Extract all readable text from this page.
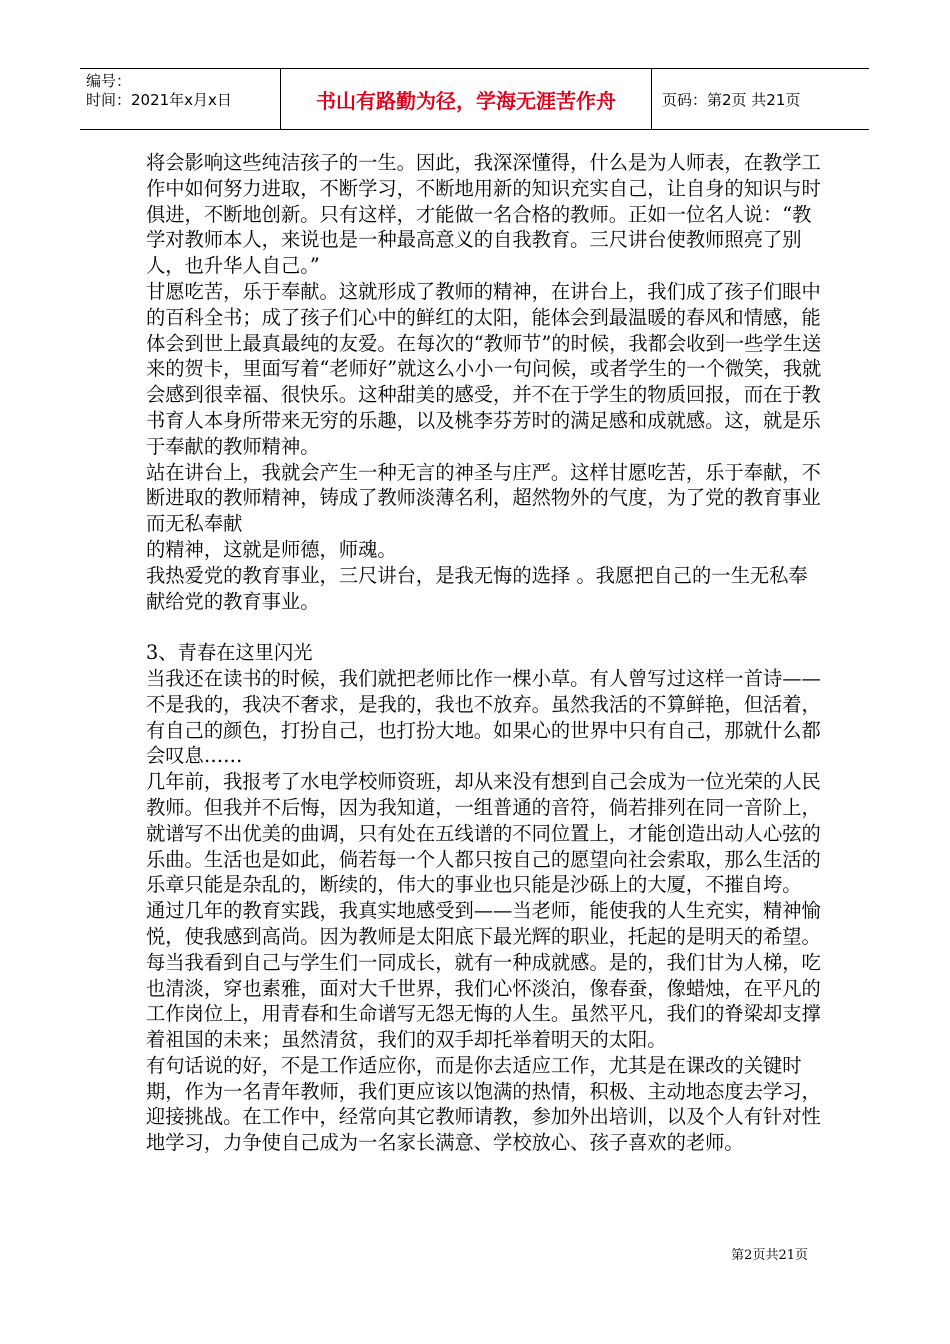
编号：
时间：2021年x月x日	书山有路勤为径，学海无涯苦作舟	页码：第2页 共21页

将会影响这些纯洁孩子的一生。因此，我深深懂得，什么是为人师表，在教学工作中如何努力进取，不断学习，不断地用新的知识充实自己，让自身的知识与时俱进，不断地创新。只有这样，才能做一名合格的教师。正如一位名人说：“教学对教师本人，来说也是一种最高意义的自我教育。三尺讲台使教师照亮了别人，也升华人自己。”

甘愿吃苦，乐于奉献。这就形成了教师的精神，在讲台上，我们成了孩子们眼中的百科全书；成了孩子们心中的鲜红的太阳，能体会到最温暖的春风和情感，能体会到世上最真最纯的友爱。在每次的“教师节”的时候，我都会收到一些学生送来的贺卡，里面写着“老师好”就这么小小一句问候，或者学生的一个微笑，我就会感到很幸福、很快乐。这种甜美的感受，并不在于学生的物质回报，而在于教书育人本身所带来无穷的乐趣，以及桃李芬芳时的满足感和成就感。这，就是乐于奉献的教师精神。

站在讲台上，我就会产生一种无言的神圣与庄严。这样甘愿吃苦，乐于奉献，不断进取的教师精神，铸成了教师淡薄名利，超然物外的气度，为了党的教育事业而无私奉献

的精神，这就是师德，师魂。

我热爱党的教育事业，三尺讲台，是我无悔的选择 。我愿把自己的一生无私奉献给党的教育事业。

3、青春在这里闪光

当我还在读书的时候，我们就把老师比作一棵小草。有人曾写过这样一首诗——不是我的，我决不奢求，是我的，我也不放弃。虽然我活的不算鲜艳，但活着，有自己的颜色，打扮自己，也打扮大地。如果心的世界中只有自己，那就什么都会叹息……

几年前，我报考了水电学校师资班，却从来没有想到自己会成为一位光荣的人民教师。但我并不后悔，因为我知道，一组普通的音符，倘若排列在同一音阶上，就谱写不出优美的曲调，只有处在五线谱的不同位置上，才能创造出动人心弦的乐曲。生活也是如此，倘若每一个人都只按自己的愿望向社会索取，那么生活的乐章只能是杂乱的，断续的，伟大的事业也只能是沙砾上的大厦，不摧自垮。

通过几年的教育实践，我真实地感受到——当老师，能使我的人生充实，精神愉悦，使我感到高尚。因为教师是太阳底下最光辉的职业，托起的是明天的希望。每当我看到自己与学生们一同成长，就有一种成就感。是的，我们甘为人梯，吃也清淡，穿也素雅，面对大千世界，我们心怀淡泊，像春蚕，像蜡烛，在平凡的工作岗位上，用青春和生命谱写无怨无悔的人生。虽然平凡，我们的脊梁却支撑着祖国的未来；虽然清贫，我们的双手却托举着明天的太阳。

有句话说的好，不是工作适应你，而是你去适应工作，尤其是在课改的关键时期，作为一名青年教师，我们更应该以饱满的热情，积极、主动地态度去学习，迎接挑战。在工作中，经常向其它教师请教，参加外出培训，以及个人有针对性地学习，力争使自己成为一名家长满意、学校放心、孩子喜欢的老师。

第2页共21页
